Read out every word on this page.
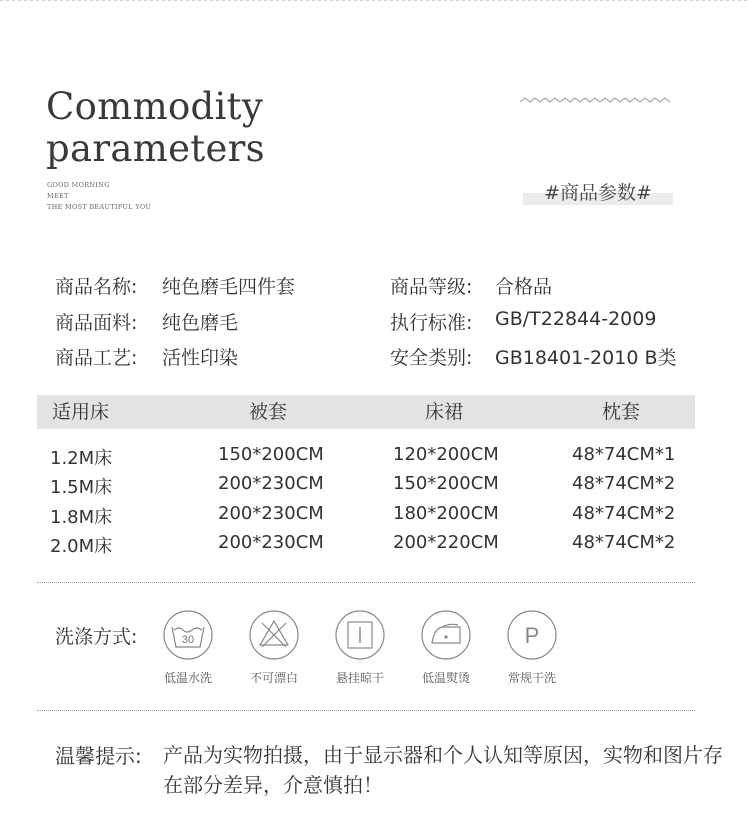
Commodity
parameters
GOOD MORNING
MEET
THE MOST BEAUTIFUL YOU
#商品参数#
商品名称: 纯色磨毛四件套	商品等级: 合格品
商品面料: 纯色磨毛	执行标准: GB/T22844-2009
商品工艺: 活性印染	安全类别: GB18401-2010 B类
适用床	被套	床裙	枕套
1.2M床	150*200CM	120*200CM	48*74CM*1
1.5M床	200*230CM	150*200CM	48*74CM*2
1.8M床	200*230CM	180*200CM	48*74CM*2
2.0M床	200*230CM	200*220CM	48*74CM*2
洗涤方式:	30
低温水洗	不可漂白	悬挂晾干	低温熨烫
P
常规干洗
温馨提示: 产品为实物拍摄，由于显示器和个人认知等原因，实物和图片存在部分差异，介意慎拍！
